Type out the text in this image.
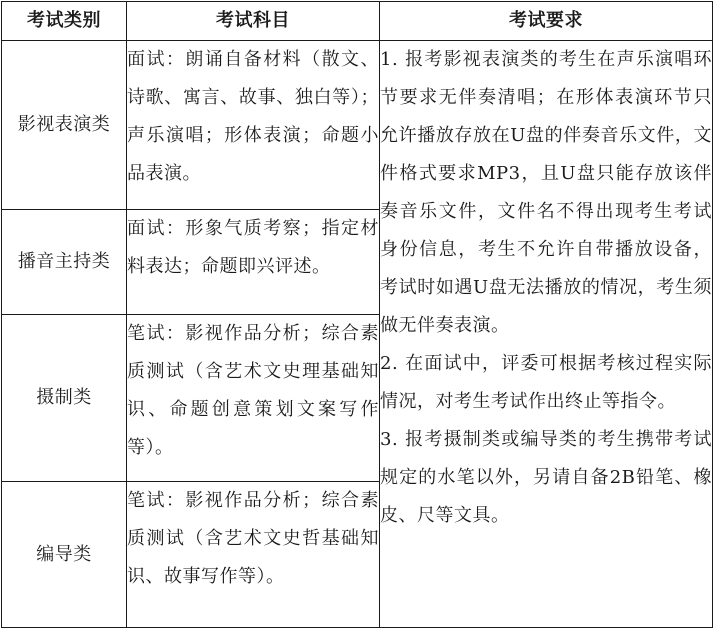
考试类别	考试科目	考试要求
影视表演类	面试：朗诵自备材料（散文、诗歌、寓言、故事、独白等）；声乐演唱；形体表演；命题小品表演。	1. 报考影视表演类的考生在声乐演唱环节要求无伴奏清唱；在形体表演环节只允许播放存放在U盘的伴奏音乐文件，文件格式要求MP3，且U盘只能存放该伴奏音乐文件，文件名不得出现考生考试身份信息，考生不允许自带播放设备，考试时如遇U盘无法播放的情况，考生须做无伴奏表演。
2. 在面试中，评委可根据考核过程实际情况，对考生考试作出终止等指令。
3. 报考摄制类或编导类的考生携带考试规定的水笔以外，另请自备2B铅笔、橡皮、尺等文具。

播音主持类	面试：形象气质考察；指定材料表达；命题即兴评述。	
摄制类	笔试：影视作品分析；综合素质测试（含艺术文史理基础知识、命题创意策划文案写作等）。	
编导类	笔试：影视作品分析；综合素质测试（含艺术文史哲基础知识、故事写作等）。	
